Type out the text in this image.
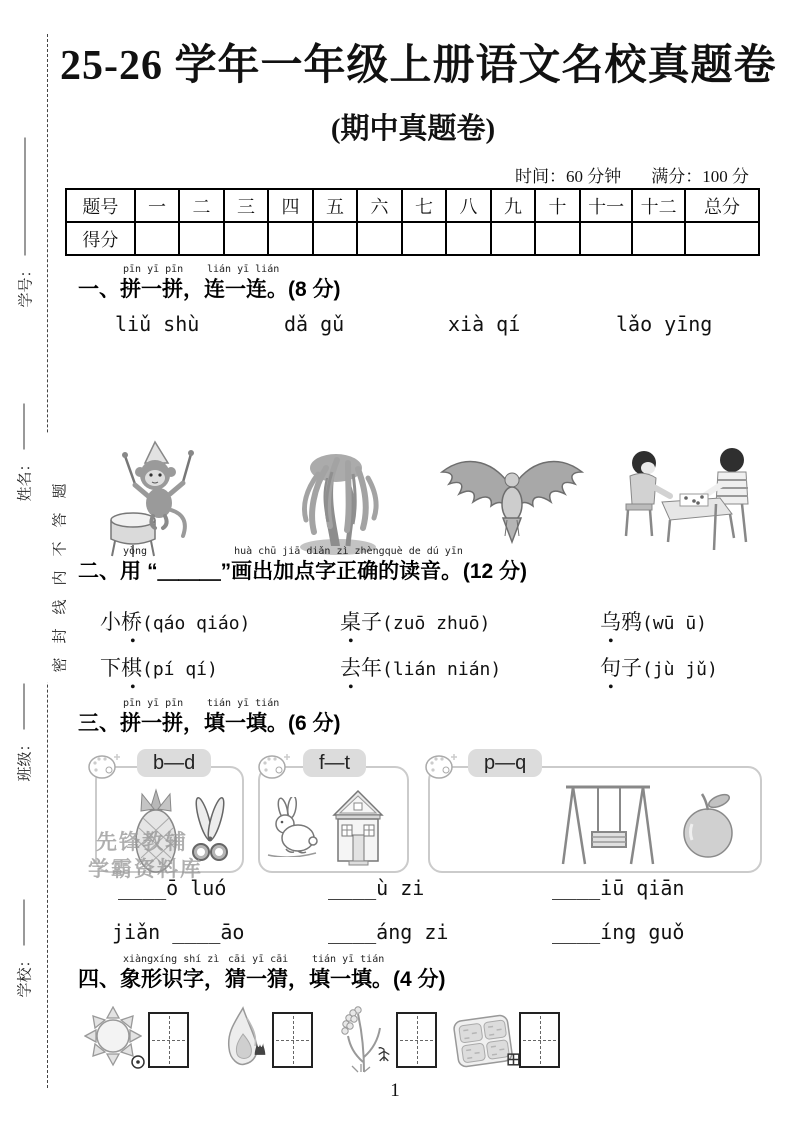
学号：
姓名：
班级：
学校：
密封线内不答题
25-26 学年一年级上册语文名校真题卷
(期中真题卷)
时间：60 分钟 满分：100 分
题号	一	二	三	四	五	六	七	八	九	十	十一	十二	总分
得分													
一、
pīn yī pīn
拼一拼，
lián yī lián
连一连。 (8 分)
liǔ shù	dǎ gǔ	xià qí	lǎo yīng
二、
yòng
用 “＿＿＿”
huà chū jiā diǎn zì zhèngquè de dú yīn
画出加点字正确的读音。 (12 分)
小桥(qáo qiáo)
•
桌子(zuō zhuō)
•
乌鸦(wū ū)
•
下棋(pí qí)
•
去年(lián nián)
•
句子(jù jǔ)
•
三、
pīn yī pīn
拼一拼，
tián yī tián
填一填。 (6 分)
b—d	f—t	p—q
先锋教辅
学霸资料库
____ō luó	____ù zi	____iū qiān
jiǎn ____āo	____áng zi	____íng guǒ
四、
xiàngxíng shí zì
象形识字，
cāi yī cāi
猜一猜，
tián yī tián
填一填。 (4 分)
1
